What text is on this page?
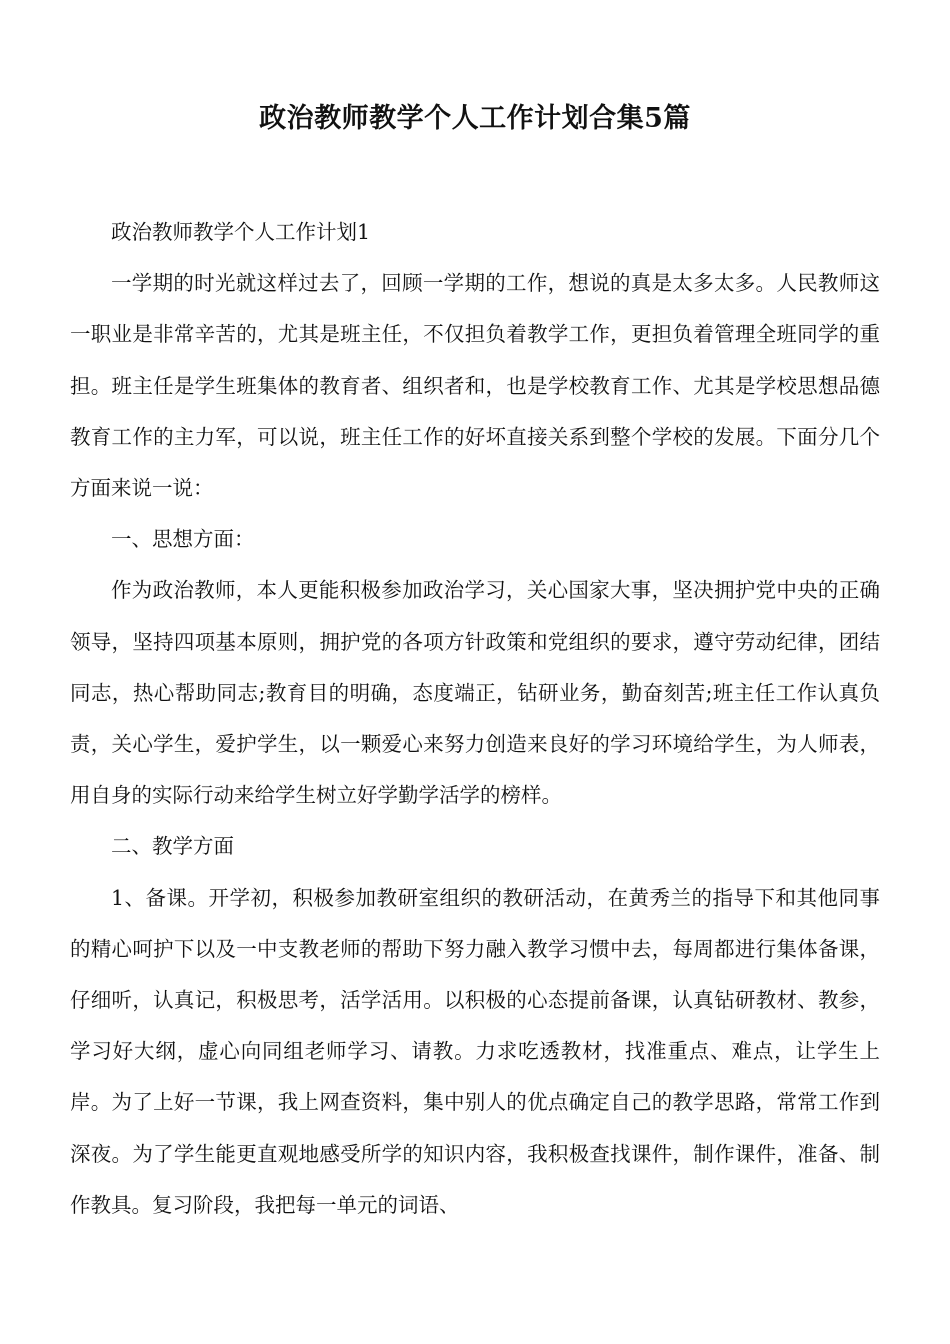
政治教师教学个人工作计划合集5篇

政治教师教学个人工作计划1

一学期的时光就这样过去了，回顾一学期的工作，想说的真是太多太多。人民教师这一职业是非常辛苦的，尤其是班主任，不仅担负着教学工作，更担负着管理全班同学的重担。班主任是学生班集体的教育者、组织者和，也是学校教育工作、尤其是学校思想品德教育工作的主力军，可以说，班主任工作的好坏直接关系到整个学校的发展。下面分几个方面来说一说：

一、思想方面：

作为政治教师，本人更能积极参加政治学习，关心国家大事，坚决拥护党中央的正确领导，坚持四项基本原则，拥护党的各项方针政策和党组织的要求，遵守劳动纪律，团结同志，热心帮助同志;教育目的明确，态度端正，钻研业务，勤奋刻苦;班主任工作认真负责，关心学生，爱护学生，以一颗爱心来努力创造来良好的学习环境给学生，为人师表，用自身的实际行动来给学生树立好学勤学活学的榜样。

二、教学方面

1、备课。开学初，积极参加教研室组织的教研活动，在黄秀兰的指导下和其他同事的精心呵护下以及一中支教老师的帮助下努力融入教学习惯中去，每周都进行集体备课，仔细听，认真记，积极思考，活学活用。以积极的心态提前备课，认真钻研教材、教参，学习好大纲，虚心向同组老师学习、请教。力求吃透教材，找准重点、难点，让学生上岸。为了上好一节课，我上网查资料，集中别人的优点确定自己的教学思路，常常工作到深夜。为了学生能更直观地感受所学的知识内容，我积极查找课件，制作课件，准备、制作教具。复习阶段，我把每一单元的词语、
